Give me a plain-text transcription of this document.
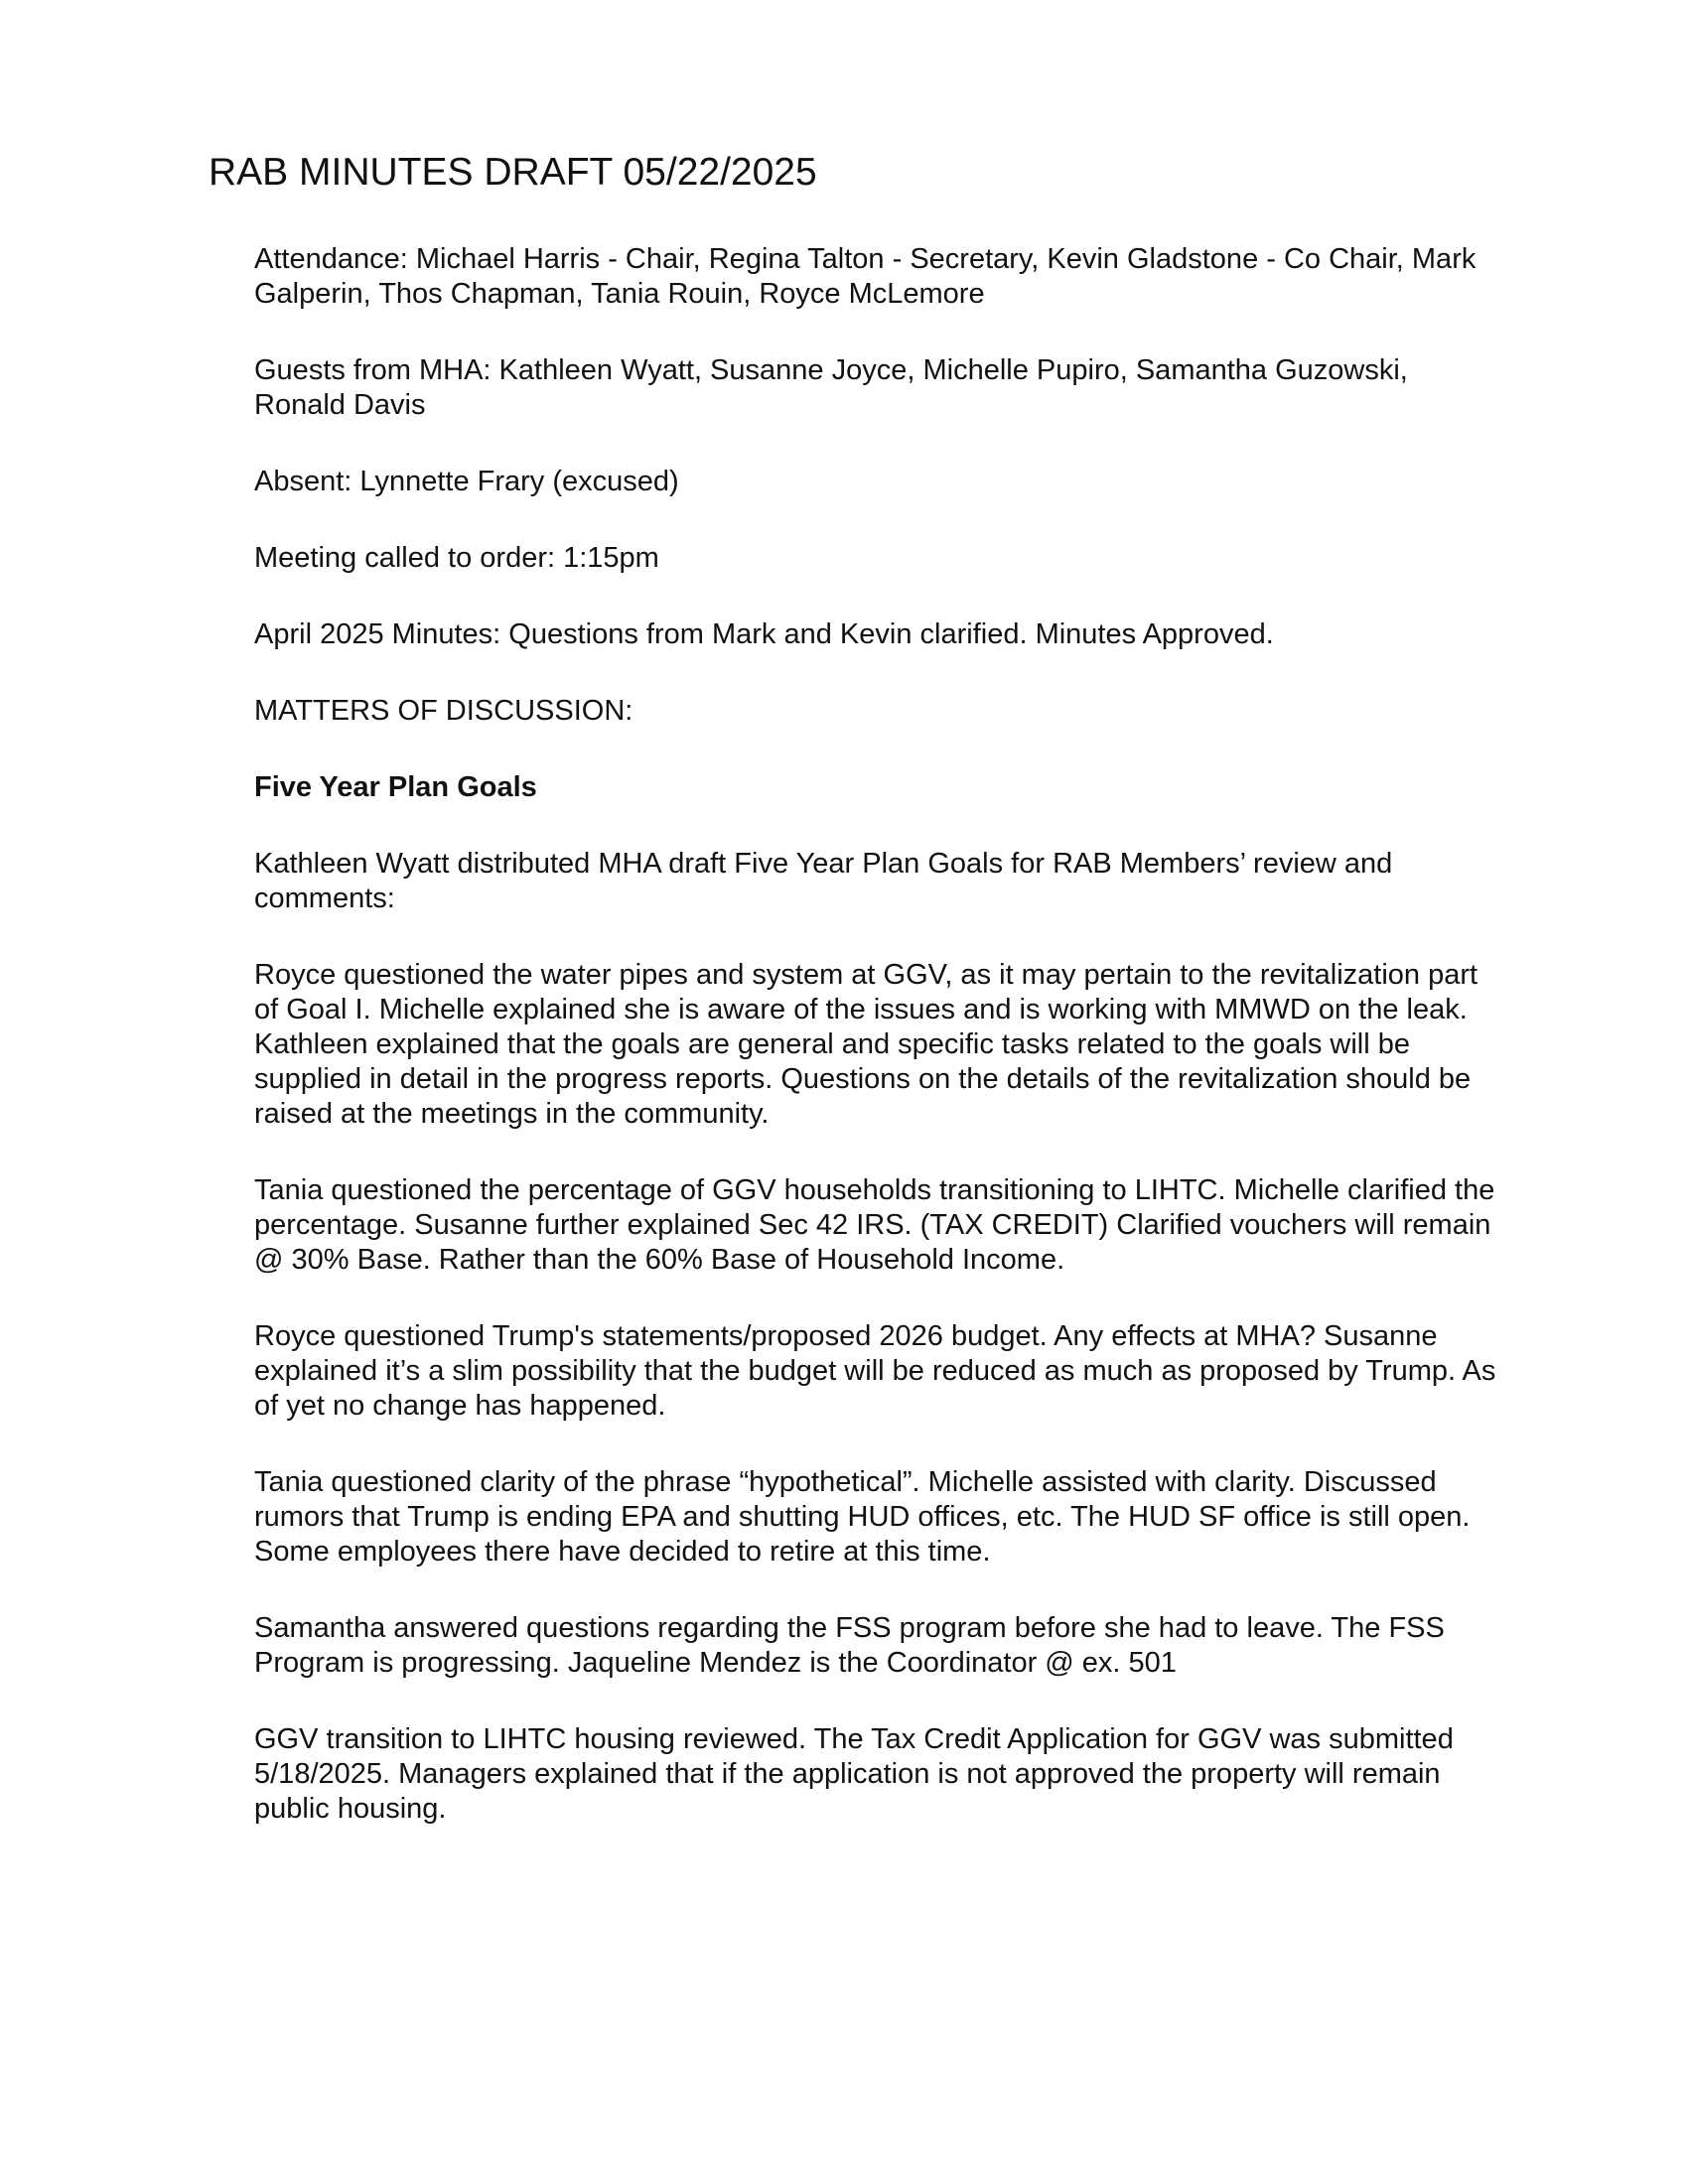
RAB MINUTES DRAFT 05/22/2025

Attendance: Michael Harris - Chair, Regina Talton - Secretary, Kevin Gladstone - Co Chair, Mark Galperin, Thos Chapman, Tania Rouin, Royce McLemore

Guests from MHA: Kathleen Wyatt, Susanne Joyce, Michelle Pupiro, Samantha Guzowski, Ronald Davis

Absent: Lynnette Frary (excused)

Meeting called to order: 1:15pm

April 2025 Minutes: Questions from Mark and Kevin clarified. Minutes Approved.

MATTERS OF DISCUSSION:

Five Year Plan Goals

Kathleen Wyatt distributed MHA draft Five Year Plan Goals for RAB Members’ review and comments:

Royce questioned the water pipes and system at GGV, as it may pertain to the revitalization part of Goal I. Michelle explained she is aware of the issues and is working with MMWD on the leak. Kathleen explained that the goals are general and specific tasks related to the goals will be supplied in detail in the progress reports. Questions on the details of the revitalization should be raised at the meetings in the community.

Tania questioned the percentage of GGV households transitioning to LIHTC. Michelle clarified the percentage. Susanne further explained Sec 42 IRS. (TAX CREDIT) Clarified vouchers will remain @ 30% Base. Rather than the 60% Base of Household Income.

Royce questioned Trump's statements/proposed 2026 budget. Any effects at MHA? Susanne explained it’s a slim possibility that the budget will be reduced as much as proposed by Trump. As of yet no change has happened.

Tania questioned clarity of the phrase “hypothetical”. Michelle assisted with clarity. Discussed rumors that Trump is ending EPA and shutting HUD offices, etc. The HUD SF office is still open. Some employees there have decided to retire at this time.

Samantha answered questions regarding the FSS program before she had to leave. The FSS Program is progressing. Jaqueline Mendez is the Coordinator @ ex. 501

GGV transition to LIHTC housing reviewed. The Tax Credit Application for GGV was submitted 5/18/2025. Managers explained that if the application is not approved the property will remain public housing.
